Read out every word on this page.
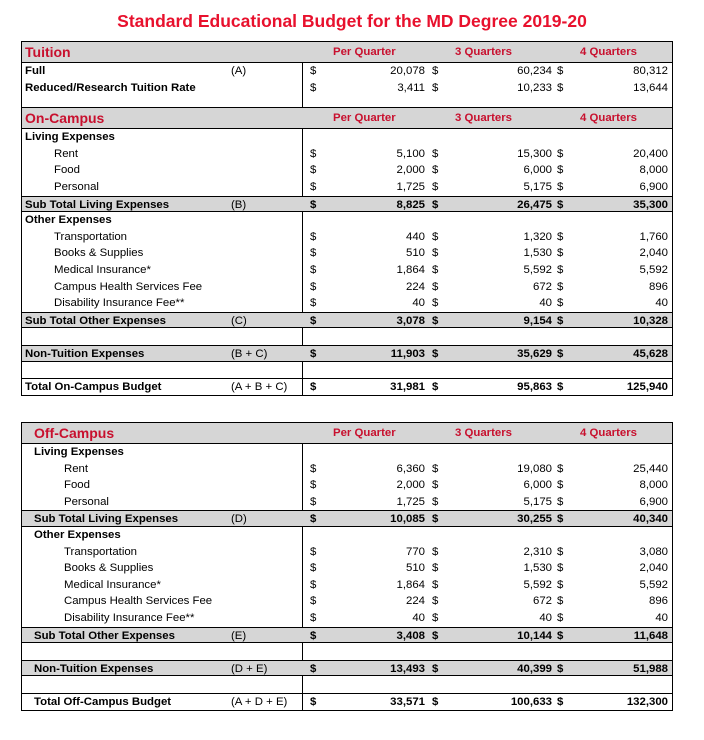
Standard Educational Budget for the MD Degree 2019-20
Tuition	Per Quarter	3 Quarters	4 Quarters
Full	(A)	$	20,078 $	60,234 $	80,312
Reduced/Research Tuition Rate	$	3,411 $	10,233 $	13,644
On-Campus	Per Quarter	3 Quarters	4 Quarters
Living Expenses
Rent	$	5,100 $	15,300 $	20,400
Food	$	2,000 $	6,000 $	8,000
Personal	$	1,725 $	5,175 $	6,900
Sub Total Living Expenses	(B)	$	8,825 $	26,475 $	35,300
Other Expenses
Transportation	$	440 $	1,320 $	1,760
Books & Supplies	$	510 $	1,530 $	2,040
Medical Insurance*	$	1,864 $	5,592 $	5,592
Campus Health Services Fee	$	224 $	672 $	896
Disability Insurance Fee**	$	40 $	40 $	40
Sub Total Other Expenses	(C)	$	3,078 $	9,154 $	10,328
Non-Tuition Expenses	(B + C)	$	11,903 $	35,629 $	45,628
Total On-Campus Budget	(A + B + C) $	31,981 $	95,863 $	125,940
Off-Campus	Per Quarter	3 Quarters	4 Quarters
Living Expenses
Rent	$	6,360 $	19,080 $	25,440
Food	$	2,000 $	6,000 $	8,000
Personal	$	1,725 $	5,175 $	6,900
Sub Total Living Expenses	(D)	$	10,085 $	30,255 $	40,340
Other Expenses
Transportation	$	770 $	2,310 $	3,080
Books & Supplies	$	510 $	1,530 $	2,040
Medical Insurance*	$	1,864 $	5,592 $	5,592
Campus Health Services Fee	$	224 $	672 $	896
Disability Insurance Fee**	$	40 $	40 $	40
Sub Total Other Expenses	(E)	$	3,408 $	10,144 $	11,648
Non-Tuition Expenses	(D + E)	$	13,493 $	40,399 $	51,988
Total Off-Campus Budget	(A + D + E) $	33,571 $	100,633 $	132,300
